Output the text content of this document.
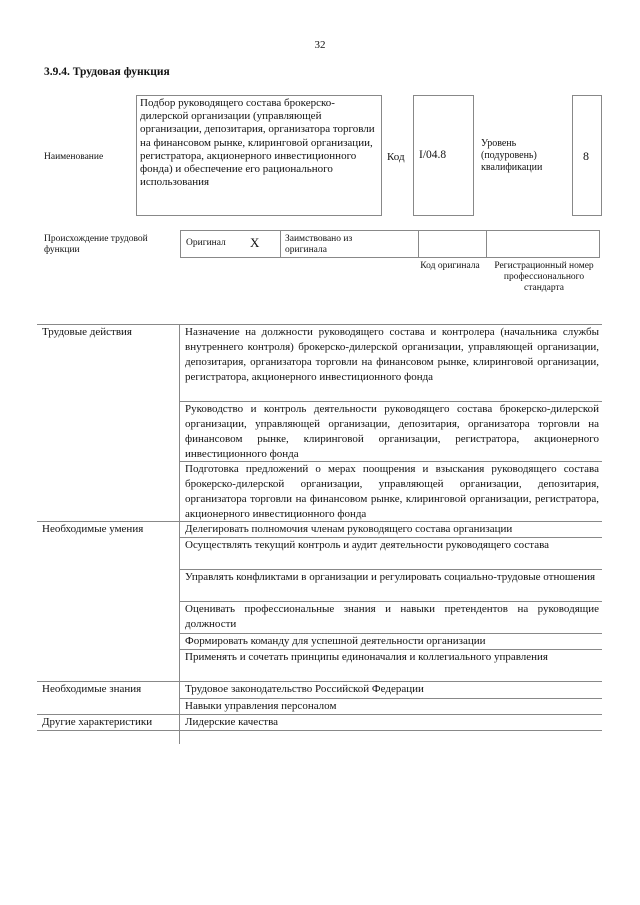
32
3.9.4. Трудовая функция
Наименование
Подбор руководящего состава брокерско-дилерской организации (управляющей организации, депозитария, организатора торговли на финансовом рынке, клиринговой организации, регистратора, акционерного инвестиционного фонда) и обеспечение его рационального использования
Код I/04.8
Уровень (подуровень) квалификации
8
Происхождение трудовой функции
Оригинал X	Заимствовано из оригинала
Код оригинала	Регистрационный номер профессионального стандарта
Трудовые действия
Необходимые умения
Необходимые знания
Другие характеристики
Назначение на должности руководящего состава и контролера (начальника службы внутреннего контроля) брокерско-дилерской организации, управляющей организации, депозитария, организатора торговли на финансовом рынке, клиринговой организации, регистратора, акционерного инвестиционного фонда
Руководство и контроль деятельности руководящего состава брокерско-дилерской организации, управляющей организации, депозитария, организатора торговли на финансовом рынке, клиринговой организации, регистратора, акционерного инвестиционного фонда
Подготовка предложений о мерах поощрения и взыскания руководящего состава брокерско-дилерской организации, управляющей организации, депозитария, организатора торговли на финансовом рынке, клиринговой организации, регистратора, акционерного инвестиционного фонда
Делегировать полномочия членам руководящего состава организации
Осуществлять текущий контроль и аудит деятельности руководящего состава
Управлять конфликтами в организации и регулировать социально-трудовые отношения
Оценивать профессиональные знания и навыки претендентов на руководящие должности
Формировать команду для успешной деятельности организации
Применять и сочетать принципы единоначалия и коллегиального управления
Трудовое законодательство Российской Федерации
Навыки управления персоналом
Лидерские качества
